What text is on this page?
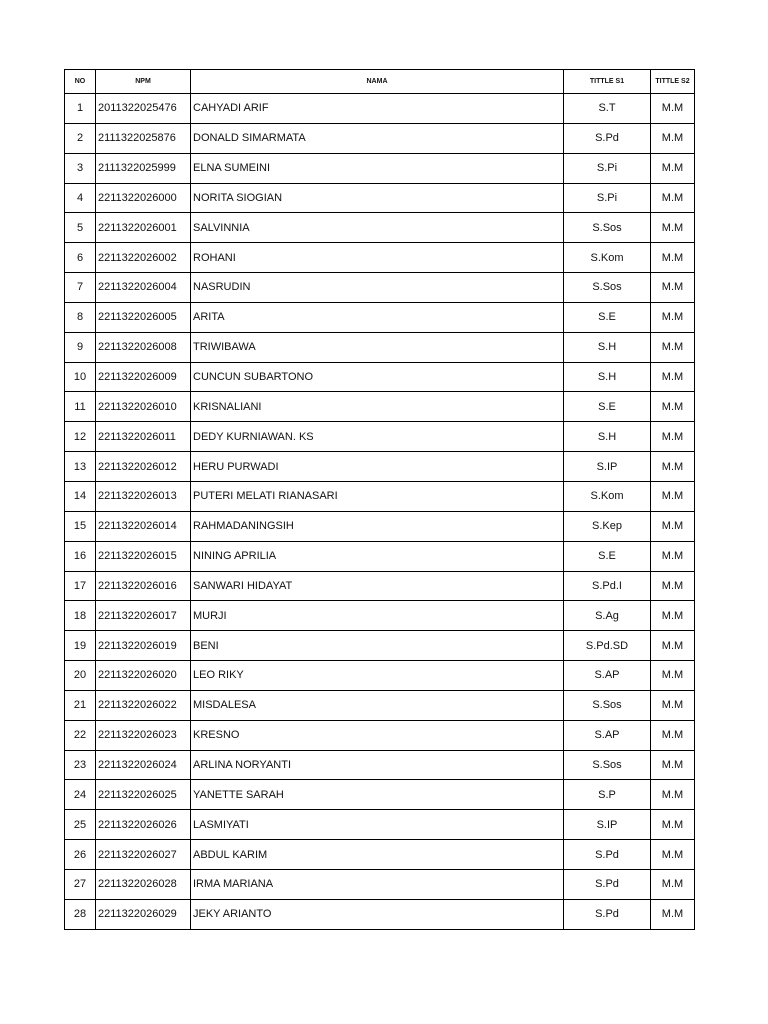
NO	NPM	NAMA	TITTLE S1	TITTLE S2
1	2011322025476	CAHYADI ARIF	S.T	M.M
2	2111322025876	DONALD SIMARMATA	S.Pd	M.M
3	2111322025999	ELNA SUMEINI	S.Pi	M.M
4	2211322026000	NORITA SIOGIAN	S.Pi	M.M
5	2211322026001	SALVINNIA	S.Sos	M.M
6	2211322026002	ROHANI	S.Kom	M.M
7	2211322026004	NASRUDIN	S.Sos	M.M
8	2211322026005	ARITA	S.E	M.M
9	2211322026008	TRIWIBAWA	S.H	M.M
10	2211322026009	CUNCUN SUBARTONO	S.H	M.M
11	2211322026010	KRISNALIANI	S.E	M.M
12	2211322026011	DEDY KURNIAWAN. KS	S.H	M.M
13	2211322026012	HERU PURWADI	S.IP	M.M
14	2211322026013	PUTERI MELATI RIANASARI	S.Kom	M.M
15	2211322026014	RAHMADANINGSIH	S.Kep	M.M
16	2211322026015	NINING APRILIA	S.E	M.M
17	2211322026016	SANWARI HIDAYAT	S.Pd.I	M.M
18	2211322026017	MURJI	S.Ag	M.M
19	2211322026019	BENI	S.Pd.SD	M.M
20	2211322026020	LEO RIKY	S.AP	M.M
21	2211322026022	MISDALESA	S.Sos	M.M
22	2211322026023	KRESNO	S.AP	M.M
23	2211322026024	ARLINA NORYANTI	S.Sos	M.M
24	2211322026025	YANETTE SARAH	S.P	M.M
25	2211322026026	LASMIYATI	S.IP	M.M
26	2211322026027	ABDUL KARIM	S.Pd	M.M
27	2211322026028	IRMA MARIANA	S.Pd	M.M
28	2211322026029	JEKY ARIANTO	S.Pd	M.M
